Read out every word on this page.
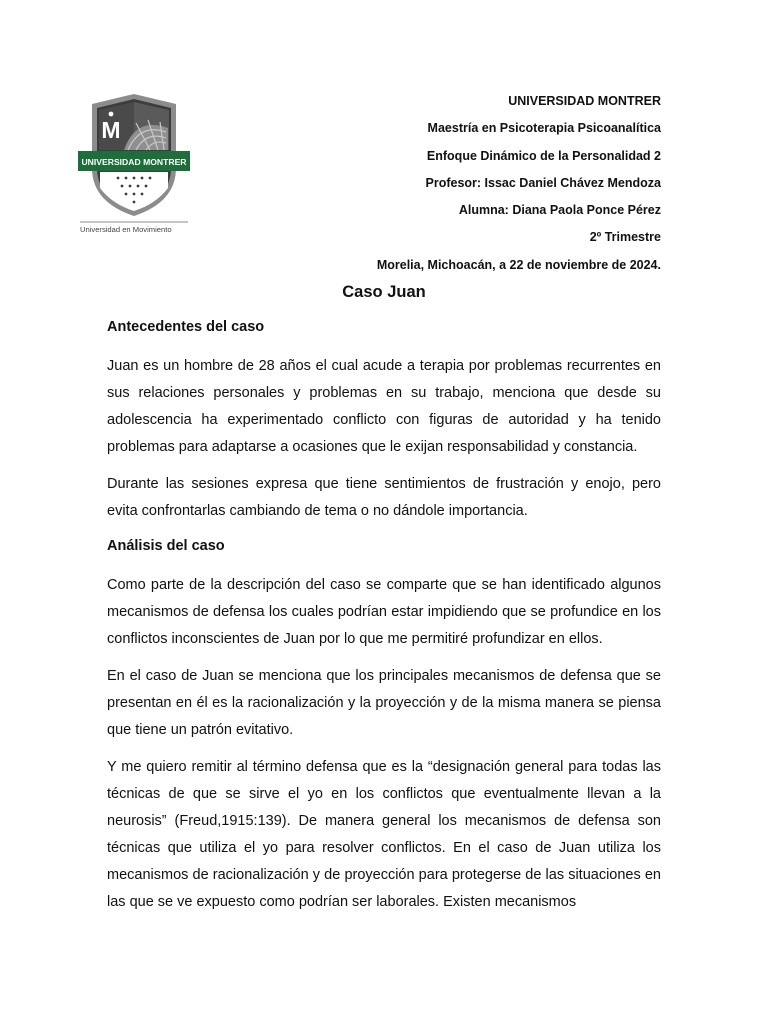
M
UNIVERSIDAD MONTRER
Universidad en Movimiento
UNIVERSIDAD MONTRER
Maestría en Psicoterapia Psicoanalítica
Enfoque Dinámico de la Personalidad 2
Profesor: Issac Daniel Chávez Mendoza
Alumna: Diana Paola Ponce Pérez
2º Trimestre
Morelia, Michoacán, a 22 de noviembre de 2024.
Caso Juan
Antecedentes del caso

Juan es un hombre de 28 años el cual acude a terapia por problemas recurrentes en sus relaciones personales y problemas en su trabajo, menciona que desde su adolescencia ha experimentado conflicto con figuras de autoridad y ha tenido problemas para adaptarse a ocasiones que le exijan responsabilidad y constancia.

Durante las sesiones expresa que tiene sentimientos de frustración y enojo, pero evita confrontarlas cambiando de tema o no dándole importancia.

Análisis del caso

Como parte de la descripción del caso se comparte que se han identificado algunos mecanismos de defensa los cuales podrían estar impidiendo que se profundice en los conflictos inconscientes de Juan por lo que me permitiré profundizar en ellos.

En el caso de Juan se menciona que los principales mecanismos de defensa que se presentan en él es la racionalización y la proyección y de la misma manera se piensa que tiene un patrón evitativo.

Y me quiero remitir al término defensa que es la “designación general para todas las técnicas de que se sirve el yo en los conflictos que eventualmente llevan a la neurosis” (Freud,1915:139). De manera general los mecanismos de defensa son técnicas que utiliza el yo para resolver conflictos. En el caso de Juan utiliza los mecanismos de racionalización y de proyección para protegerse de las situaciones en las que se ve expuesto como podrían ser laborales. Existen mecanismos
